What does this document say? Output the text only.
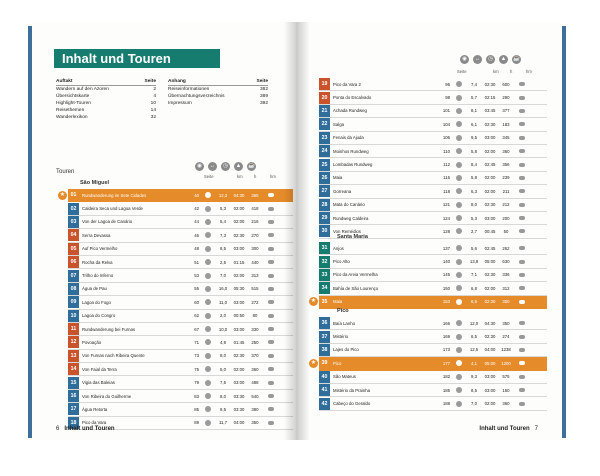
Inhalt und Touren
Auftakt	Seite
Wandern auf den Azoren	2
Übersichtskarte	4
Highlight-Touren	10
Reisethemen	14
Wanderlexikon	32
Anhang	Seite
Reiseinformationen	382
Übernachtungsverzeichnis	389
Impressum	392
Touren
◉	↔	◷	▲	☕
Seite	km	h	hm
São Miguel
★	01	Rundwanderung im Sete Cidades	40	12,3	04:30	365
02	Caldeira Seca und Lagoa Verde	42	5,3	02:00	418
03	Von der Lagoa de Canário	44	5,4	02:00	216
04	Serra Devassa	46	7,3	02:30	270
05	Auf Pico Vermelho	48	8,5	03:00	300
06	Rocha da Relva	51	2,5	01:15	440
07	Trilho do Inferno	53	7,0	02:00	313
08	Água de Pau	55	16,0	05:30	515
09	Lagoa do Fogo	60	11,0	03:00	272
10	Lagoa do Congro	62	2,0	00:50	80
11	Rundwanderung bei Furnas	67	10,0	03:00	330
12	Povoação	71	4,9	01:45	250
13	Von Furnas nach Ribeira Quente	73	8,0	02:30	370
14	Von Faial da Terra	75	5,0	02:00	360
15	Vigia das Baleias	79	7,5	03:00	488
16	Von Ribeira do Guilherme	83	8,0	03:30	540
17	Água Retorta	85	9,5	03:30	380
18	Pico da Vara	89	11,7	04:00	350
6 Inhalt und Touren
◉	↔	◷	▲	☕
Seite	km	h	hm
19	Pico da Vara 2	95	7,4	02:30	600
20	Ponta do Escalvado	98	5,7	02:15	290
21	Achada Rundweg	101	8,1	03:45	377
22	Salga	104	6,1	02:30	183
23	Fenais da Ajuda	106	9,5	03:00	345
24	Moinhos Rundweg	110	5,8	02:00	360
25	Lombadas Rundweg	112	8,4	02:45	356
26	Maia	116	5,8	02:00	239
27	Gorreana	118	6,3	02:00	211
28	Mata do Canário	121	8,0	02:30	212
29	Rundweg Caldeira	124	5,3	03:00	200
30	Von Remédios	128	2,7	00:45	50
Santa Maria
31	Anjos	137	5,6	02:45	262
32	Pico Alto	140	13,9	05:00	630
33	Pico da Areia Vermelha	145	7,1	02:30	336
34	Bahía de São Lourenço	150	6,8	02:00	312
★	35	Maia	153	6,5	02:30	350
Pico
36	Baía Lanho	166	12,0	04:30	350
37	Mistério	169	6,5	02:30	274
38	Lajes do Pico	173	12,5	04:00	1238
★	39	Pico	177	4,1	05:00	1200
40	São Mateus	182	9,3	03:00	575
41	Mistério da Prainha	185	8,5	03:00	160
42	Cabeço do Geraldo	188	7,0	02:00	360
Inhalt und Touren 7
